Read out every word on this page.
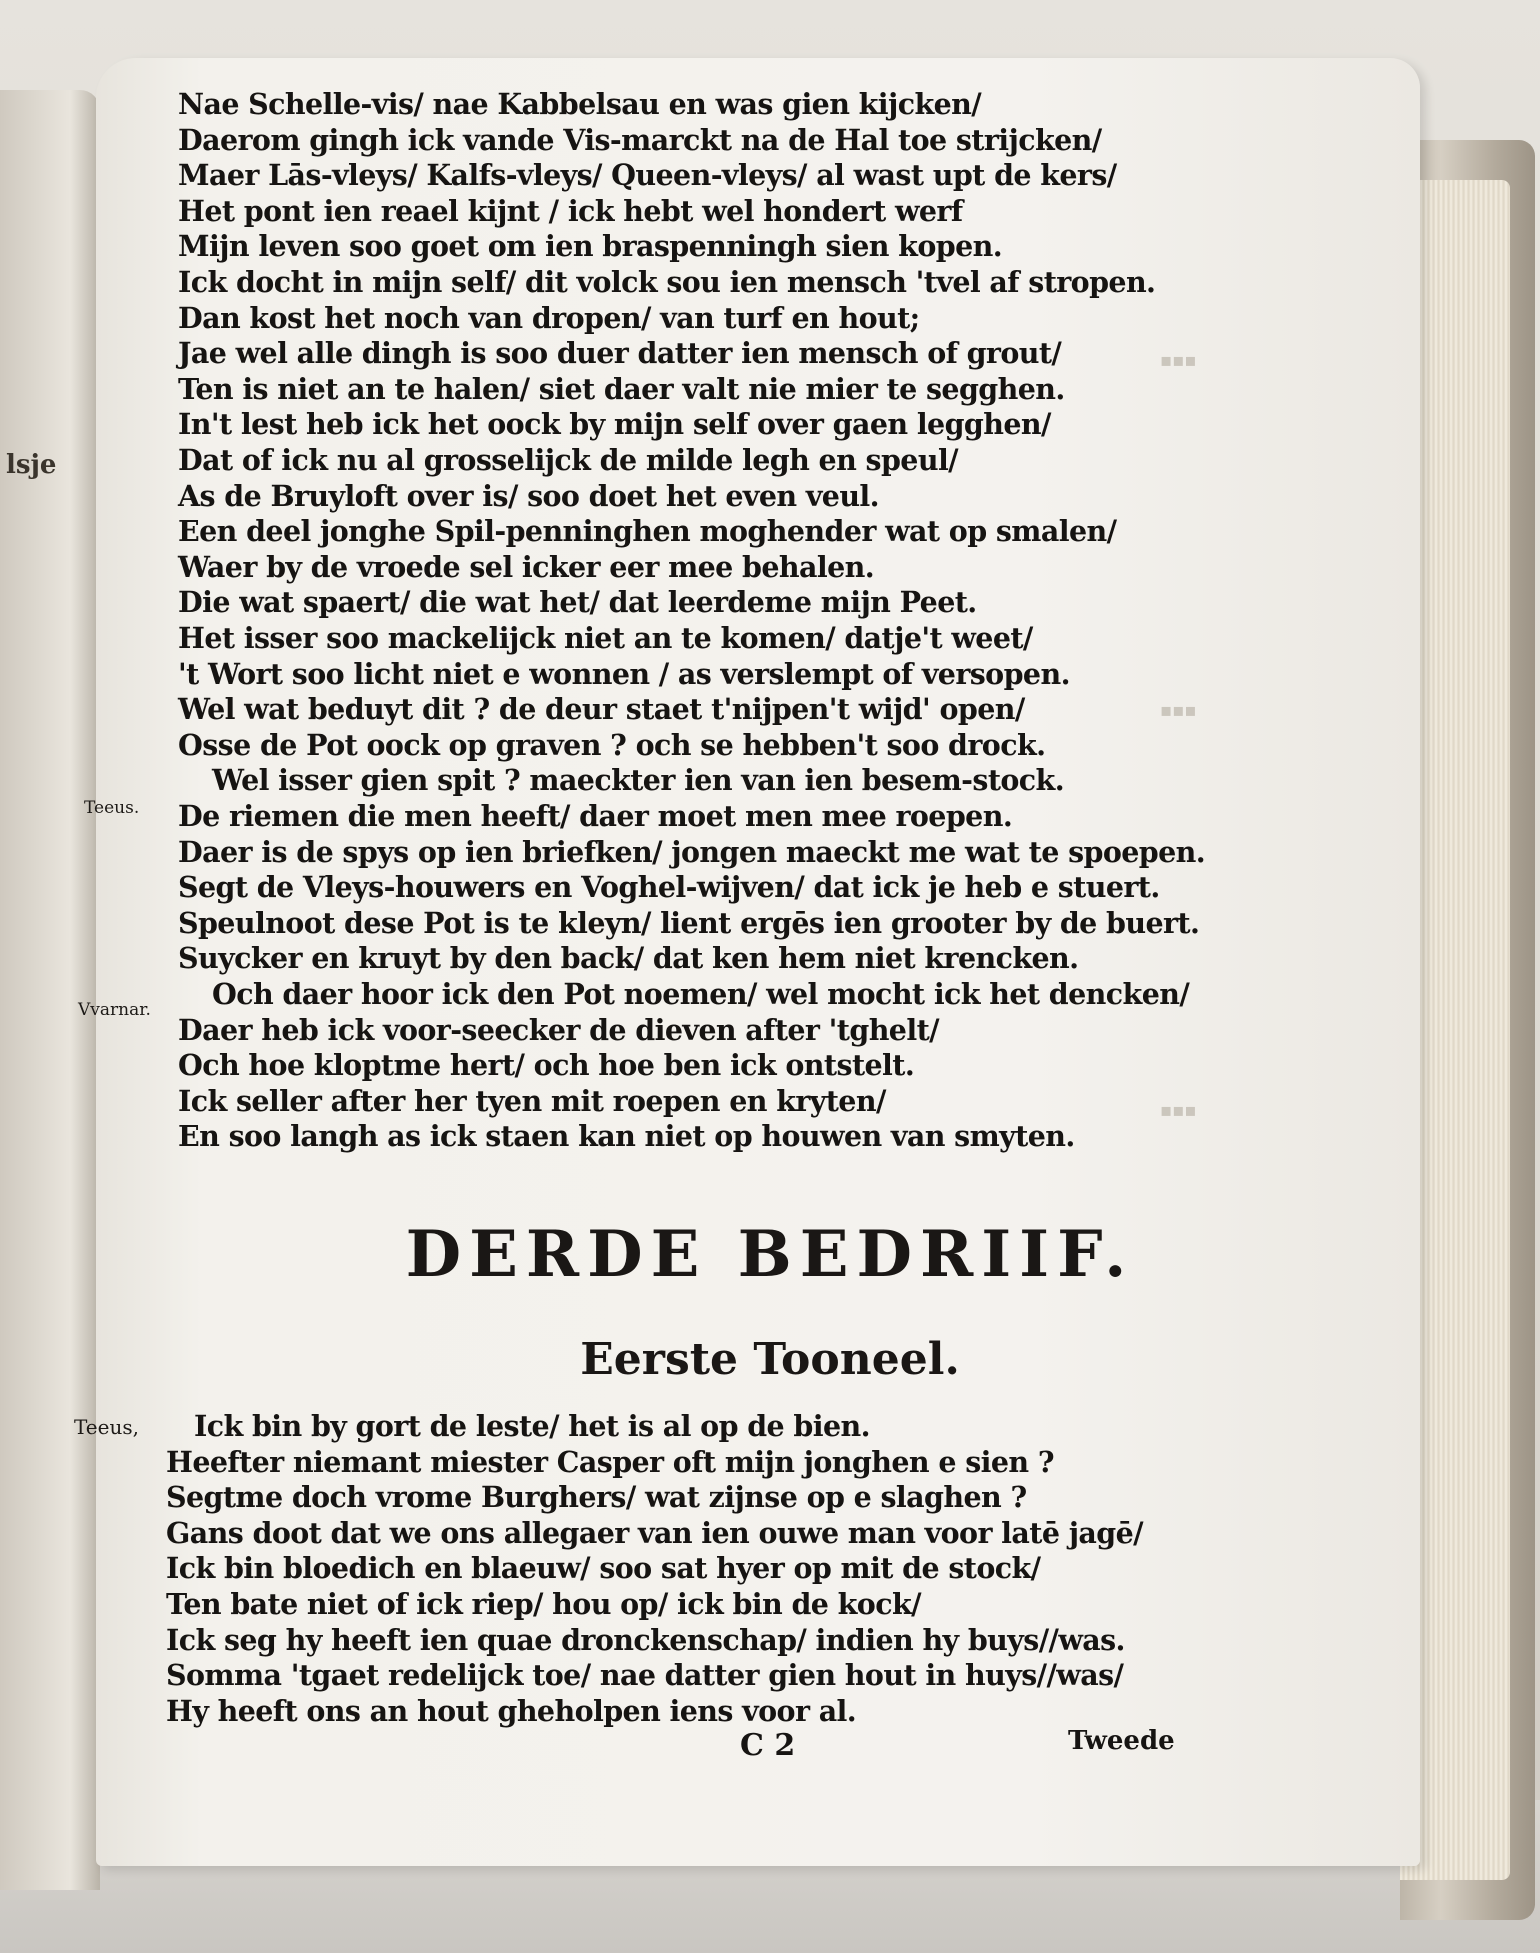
lsje
▪▪▪
▪▪▪
▪▪▪

Nae Schelle-vis/ nae Kabbelsau en was gien kijcken/

Daerom gingh ick vande Vis-marckt na de Hal toe strijcken/

Maer Lās-vleys/ Kalfs-vleys/ Queen-vleys/ al wast upt de kers/

Het pont ien reael kijnt / ick hebt wel hondert werf

Mijn leven soo goet om ien braspenningh sien kopen.

Ick docht in mijn self/ dit volck sou ien mensch 'tvel af stropen.

Dan kost het noch van dropen/ van turf en hout;

Jae wel alle dingh is soo duer datter ien mensch of grout/

Ten is niet an te halen/ siet daer valt nie mier te segghen.

In't lest heb ick het oock by mijn self over gaen legghen/

Dat of ick nu al grosselijck de milde legh en speul/

As de Bruyloft over is/ soo doet het even veul.

Een deel jonghe Spil-penninghen moghender wat op smalen/

Waer by de vroede sel icker eer mee behalen.

Die wat spaert/ die wat het/ dat leerdeme mijn Peet.

Het isser soo mackelijck niet an te komen/ datje't weet/

't Wort soo licht niet e wonnen / as verslempt of versopen.

Wel wat beduyt dit ? de deur staet t'nijpen't wijd' open/

Osse de Pot oock op graven ? och se hebben't soo drock.

Wel isser gien spit ? maeckter ien van ien besem-stock.

De riemen die men heeft/ daer moet men mee roepen.

Daer is de spys op ien briefken/ jongen maeckt me wat te spoepen.

Segt de Vleys-houwers en Voghel-wijven/ dat ick je heb e stuert.

Speulnoot dese Pot is te kleyn/ lient ergēs ien grooter by de buert.

Suycker en kruyt by den back/ dat ken hem niet krencken.

Och daer hoor ick den Pot noemen/ wel mocht ick het dencken/

Daer heb ick voor-seecker de dieven after 'tghelt/

Och hoe kloptme hert/ och hoe ben ick ontstelt.

Ick seller after her tyen mit roepen en kryten/

En soo langh as ick staen kan niet op houwen van smyten.

Teeus.
Vvarnar.
DERDE BEDRIIF.
Eerste Tooneel.
Teeus, Ick bin by gort de leste/ het is al op de bien.

Heefter niemant miester Casper oft mijn jonghen e sien ?

Segtme doch vrome Burghers/ wat zijnse op e slaghen ?

Gans doot dat we ons allegaer van ien ouwe man voor latē jagē/

Ick bin bloedich en blaeuw/ soo sat hyer op mit de stock/

Ten bate niet of ick riep/ hou op/ ick bin de kock/

Ick seg hy heeft ien quae dronckenschap/ indien hy buys//was.

Somma 'tgaet redelijck toe/ nae datter gien hout in huys//was/

Hy heeft ons an hout gheholpen iens voor al.

C 2	Tweede
